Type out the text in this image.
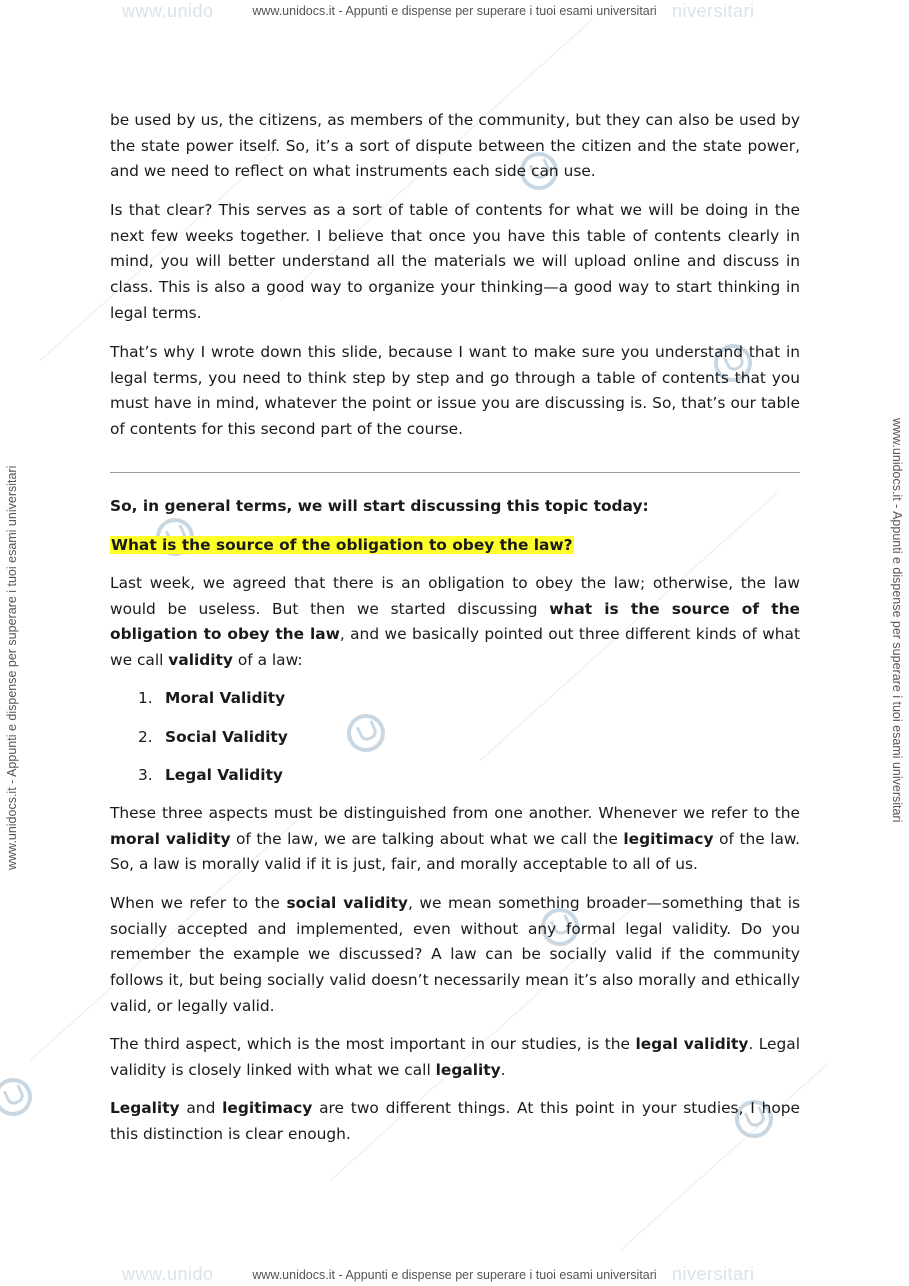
www.unido	niversitari
www.unidocs.it - Appunti e dispense per superare i tuoi esami universitari
www.unido	niversitari
www.unidocs.it - Appunti e dispense per superare i tuoi esami universitari
www.unidocs.it - Appunti e dispense per superare i tuoi esami universitari	www.unidocs.it - Appunti e dispense per superare i tuoi esami universitari

be used by us, the citizens, as members of the community, but they can also be used by the state power itself. So, it’s a sort of dispute between the citizen and the state power, and we need to reflect on what instruments each side can use.

Is that clear? This serves as a sort of table of contents for what we will be doing in the next few weeks together. I believe that once you have this table of contents clearly in mind, you will better understand all the materials we will upload online and discuss in class. This is also a good way to organize your thinking—a good way to start thinking in legal terms.

That’s why I wrote down this slide, because I want to make sure you understand that in legal terms, you need to think step by step and go through a table of contents that you must have in mind, whatever the point or issue you are discussing is. So, that’s our table of contents for this second part of the course.

So, in general terms, we will start discussing this topic today:

What is the source of the obligation to obey the law?

Last week, we agreed that there is an obligation to obey the law; otherwise, the law would be useless. But then we started discussing what is the source of the obligation to obey the law, and we basically pointed out three different kinds of what we call validity of a law:

1. Moral Validity
2. Social Validity
3. Legal Validity

These three aspects must be distinguished from one another. Whenever we refer to the moral validity of the law, we are talking about what we call the legitimacy of the law. So, a law is morally valid if it is just, fair, and morally acceptable to all of us.

When we refer to the social validity, we mean something broader—something that is socially accepted and implemented, even without any formal legal validity. Do you remember the example we discussed? A law can be socially valid if the community follows it, but being socially valid doesn’t necessarily mean it’s also morally and ethically valid, or legally valid.

The third aspect, which is the most important in our studies, is the legal validity. Legal validity is closely linked with what we call legality.

Legality and legitimacy are two different things. At this point in your studies, I hope this distinction is clear enough.
